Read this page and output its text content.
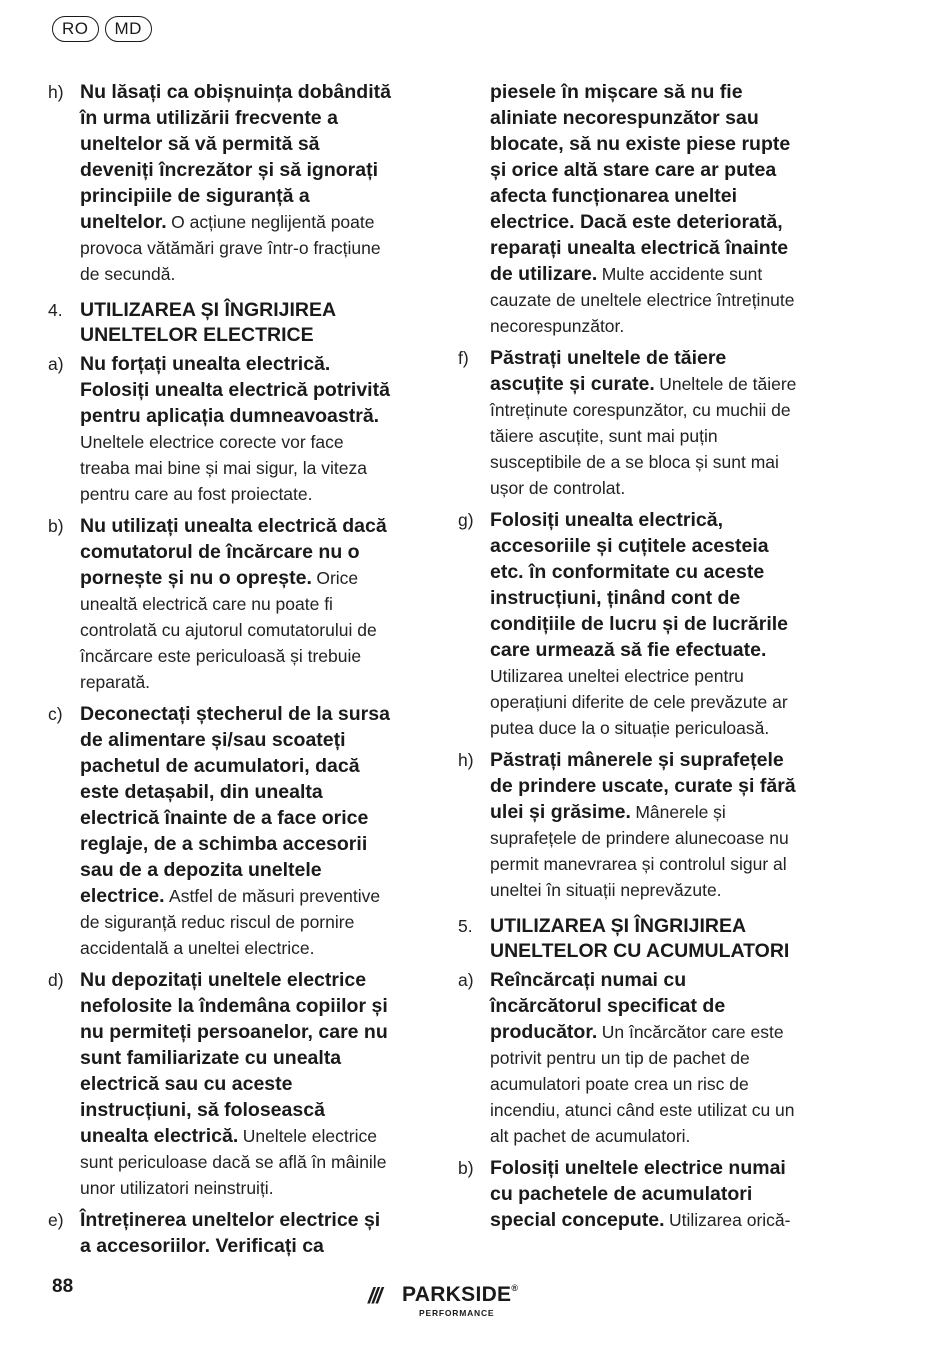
RO	MD
h) Nu lăsați ca obișnuința dobândită în urma utilizării frecvente a uneltelor să vă permită să deveniți încrezător și să ignorați principiile de siguranță a uneltelor. O acțiune neglijentă poate provoca vătămări grave într-o fracțiune de secundă.
4. UTILIZAREA ȘI ÎNGRIJIREA UNELTELOR ELECTRICE
a) Nu forțați unealta electrică. Folosiți unealta electrică potrivită pentru aplicația dumneavoastră. Uneltele electrice corecte vor face treaba mai bine și mai sigur, la viteza pentru care au fost proiectate.
b) Nu utilizați unealta electrică dacă comutatorul de încărcare nu o pornește și nu o oprește. Orice unealtă electrică care nu poate fi controlată cu ajutorul comutatorului de încărcare este periculoasă și trebuie reparată.
c) Deconectați ștecherul de la sursa de alimentare și/sau scoateți pachetul de acumulatori, dacă este detașabil, din unealta electrică înainte de a face orice reglaje, de a schimba accesorii sau de a depozita uneltele electrice. Astfel de măsuri preventive de siguranță reduc riscul de pornire accidentală a uneltei electrice.
d) Nu depozitați uneltele electrice nefolosite la îndemâna copiilor și nu permiteți persoanelor, care nu sunt familiarizate cu unealta electrică sau cu aceste instrucțiuni, să folosească unealta electrică. Uneltele electrice sunt periculoase dacă se află în mâinile unor utilizatori neinstruiți.
e) Întreținerea uneltelor electrice și a accesoriilor. Verificați ca
piesele în mișcare să nu fie aliniate necorespunzător sau blocate, să nu existe piese rupte și orice altă stare care ar putea afecta funcționarea uneltei electrice. Dacă este deteriorată, reparați unealta electrică înainte de utilizare. Multe accidente sunt cauzate de uneltele electrice întreținute necorespunzător.
f)	Păstrați uneltele de tăiere ascuțite și curate. Uneltele de tăiere întreținute corespunzător, cu muchii de tăiere ascuțite, sunt mai puțin susceptibile de a se bloca și sunt mai ușor de controlat.
g) Folosiți unealta electrică, accesoriile și cuțitele acesteia etc. în conformitate cu aceste instrucțiuni, ținând cont de condițiile de lucru și de lucrările care urmează să fie efectuate. Utilizarea uneltei electrice pentru operațiuni diferite de cele prevăzute ar putea duce la o situație periculoasă.
h) Păstrați mânerele și suprafețele de prindere uscate, curate și fără ulei și grăsime. Mânerele și suprafețele de prindere alunecoase nu permit manevrarea și controlul sigur al uneltei în situații neprevăzute.
5. UTILIZAREA ȘI ÎNGRIJIREA UNELTELOR CU ACUMULATORI
a) Reîncărcați numai cu încărcătorul specificat de producător. Un încărcător care este potrivit pentru un tip de pachet de acumulatori poate crea un risc de incendiu, atunci când este utilizat cu un alt pachet de acumulatori.
b) Folosiți uneltele electrice numai cu pachetele de acumulatori special concepute. Utilizarea orică-
88	/// PARKSIDE®
PERFORMANCE
